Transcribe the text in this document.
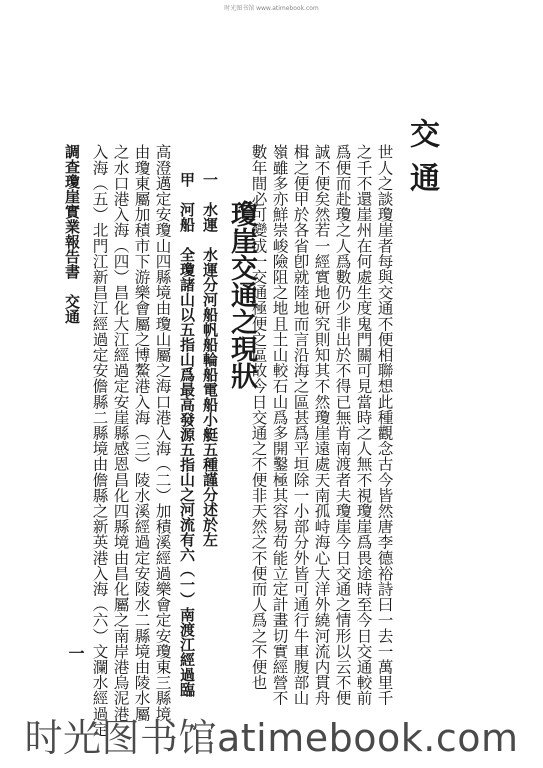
时光图书馆 www.atimebook.com
交通
世人之談瓊崖者每與交通不便相聯想此種觀念古今皆然唐李德裕詩曰一去一萬里千
之千不還崖州在何處生度鬼門關可見當時之人無不視瓊崖爲畏途時至今日交通較前
爲便而赴瓊之人爲數仍少非出於不得已無肯南渡者夫瓊崖今日交通之情形以云不便
誠不便矣然若一經實地研究則知其不然瓊崖遠處天南孤峙海心大洋外繞河流内貫舟
楫之便甲於各省卽就陸地而言沿海之區甚爲平垣除一小部分外皆可通行牛車腹部山
嶺雖多亦鮮崇峻險阻之地且土山較石山爲多開鑿極其容易苟能立定計畫切實經營不
數年間必可變成一交通極便之區故今日交通之不便非天然之不便而人爲之不便也
瓊崖交通之現狀
一　水運　水運分河船帆船輪船電船小艇五種謹分述於左
甲　河船　全瓊諸山以五指山爲最高發源五指山之河流有六（一）南渡江經過臨
高澄邁定安瓊山四縣境由瓊山屬之海口港入海（二）加積溪經過樂會定安瓊東三縣境
由瓊東屬加積市下游樂會屬之博鰲港入海（三）陵水溪經過定安陵水二縣境由陵水屬
之水口港入海（四）昌化大江經過定安崖縣感恩昌化四縣境由昌化屬之南岸港烏泥港
入海（五）北門江新昌江經過定安儋縣二縣境由儋縣之新英港入海（六）文瀾水經過定
調查瓊崖實業報告書　交通
一
时光图书馆atimebook.com
